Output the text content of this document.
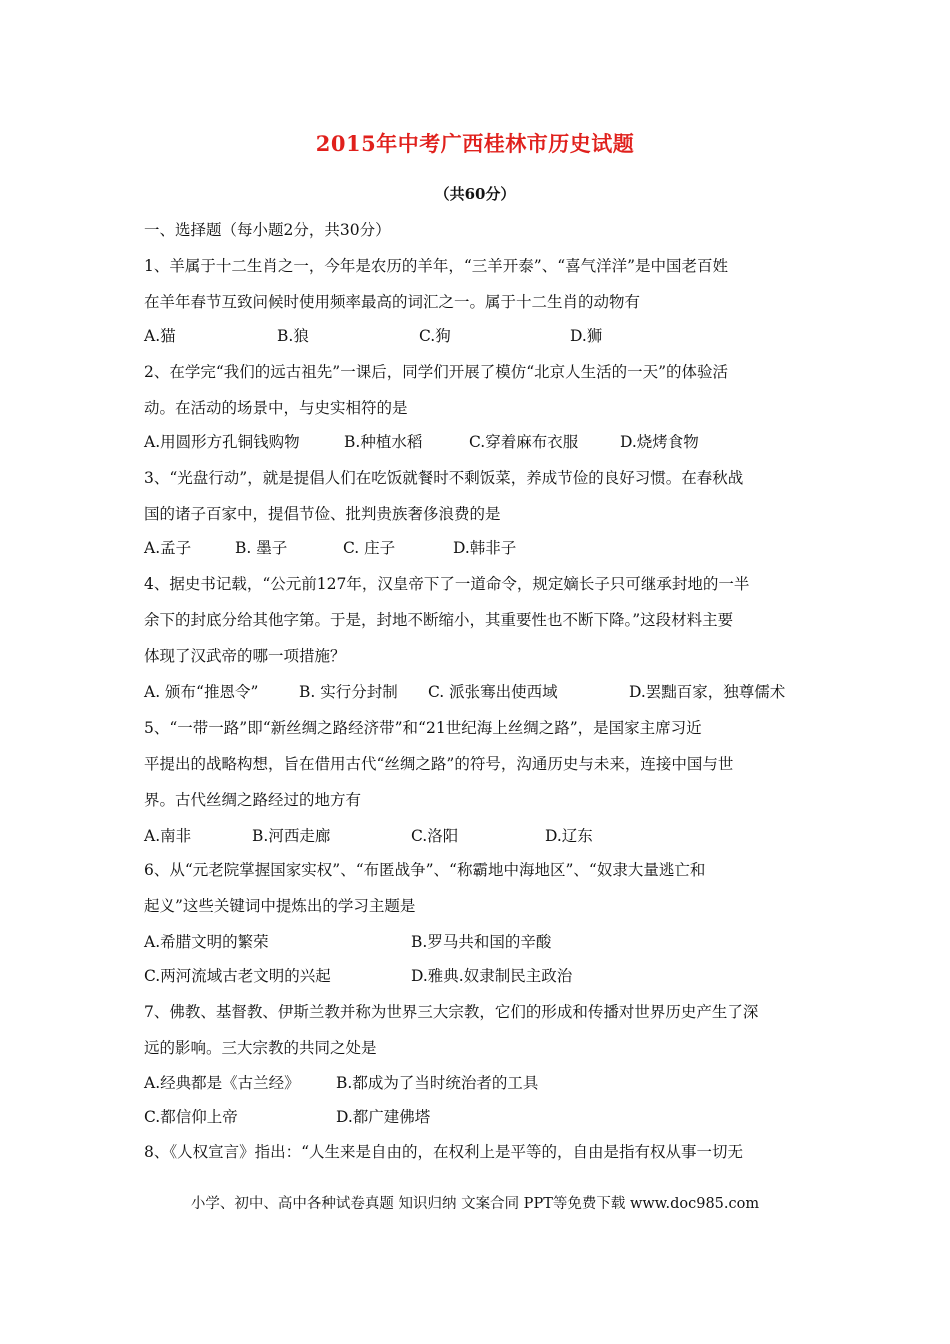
2015年中考广西桂林市历史试题
（共60分）
一、选择题（每小题2分，共30分）
1、羊属于十二生肖之一，今年是农历的羊年，“三羊开泰”、“喜气洋洋”是中国老百姓
在羊年春节互致问候时使用频率最高的词汇之一。属于十二生肖的动物有
A.猫	B.狼	C.狗	D.狮
2、在学完“我们的远古祖先”一课后，同学们开展了模仿“北京人生活的一天”的体验活
动。在活动的场景中，与史实相符的是
A.用圆形方孔铜钱购物	B.种植水稻	C.穿着麻布衣服	D.烧烤食物
3、“光盘行动”，就是提倡人们在吃饭就餐时不剩饭菜，养成节俭的良好习惯。在春秋战
国的诸子百家中，提倡节俭、批判贵族奢侈浪费的是
A.孟子	B. 墨子	C. 庄子	D.韩非子
4、据史书记载，“公元前127年，汉皇帝下了一道命令，规定嫡长子只可继承封地的一半
余下的封底分给其他字第。于是，封地不断缩小，其重要性也不断下降。”这段材料主要
体现了汉武帝的哪一项措施？
A. 颁布“推恩令”	B. 实行分封制 C. 派张骞出使西域	D.罢黜百家，独尊儒术
5、“一带一路”即“新丝绸之路经济带”和“21世纪海上丝绸之路”，是国家主席习近
平提出的战略构想，旨在借用古代“丝绸之路”的符号，沟通历史与未来，连接中国与世
界。古代丝绸之路经过的地方有
A.南非	B.河西走廊	C.洛阳	D.辽东
6、从“元老院掌握国家实权”、“布匿战争”、“称霸地中海地区”、“奴隶大量逃亡和
起义”这些关键词中提炼出的学习主题是
A.希腊文明的繁荣	B.罗马共和国的辛酸
C.两河流域古老文明的兴起	D.雅典.奴隶制民主政治
7、佛教、基督教、伊斯兰教并称为世界三大宗教，它们的形成和传播对世界历史产生了深
远的影响。三大宗教的共同之处是
A.经典都是《古兰经》 B.都成为了当时统治者的工具
C.都信仰上帝	D.都广建佛塔
8、《人权宣言》指出：“人生来是自由的，在权利上是平等的，自由是指有权从事一切无
小学、初中、高中各种试卷真题 知识归纳 文案合同 PPT等免费下载 www.doc985.com
